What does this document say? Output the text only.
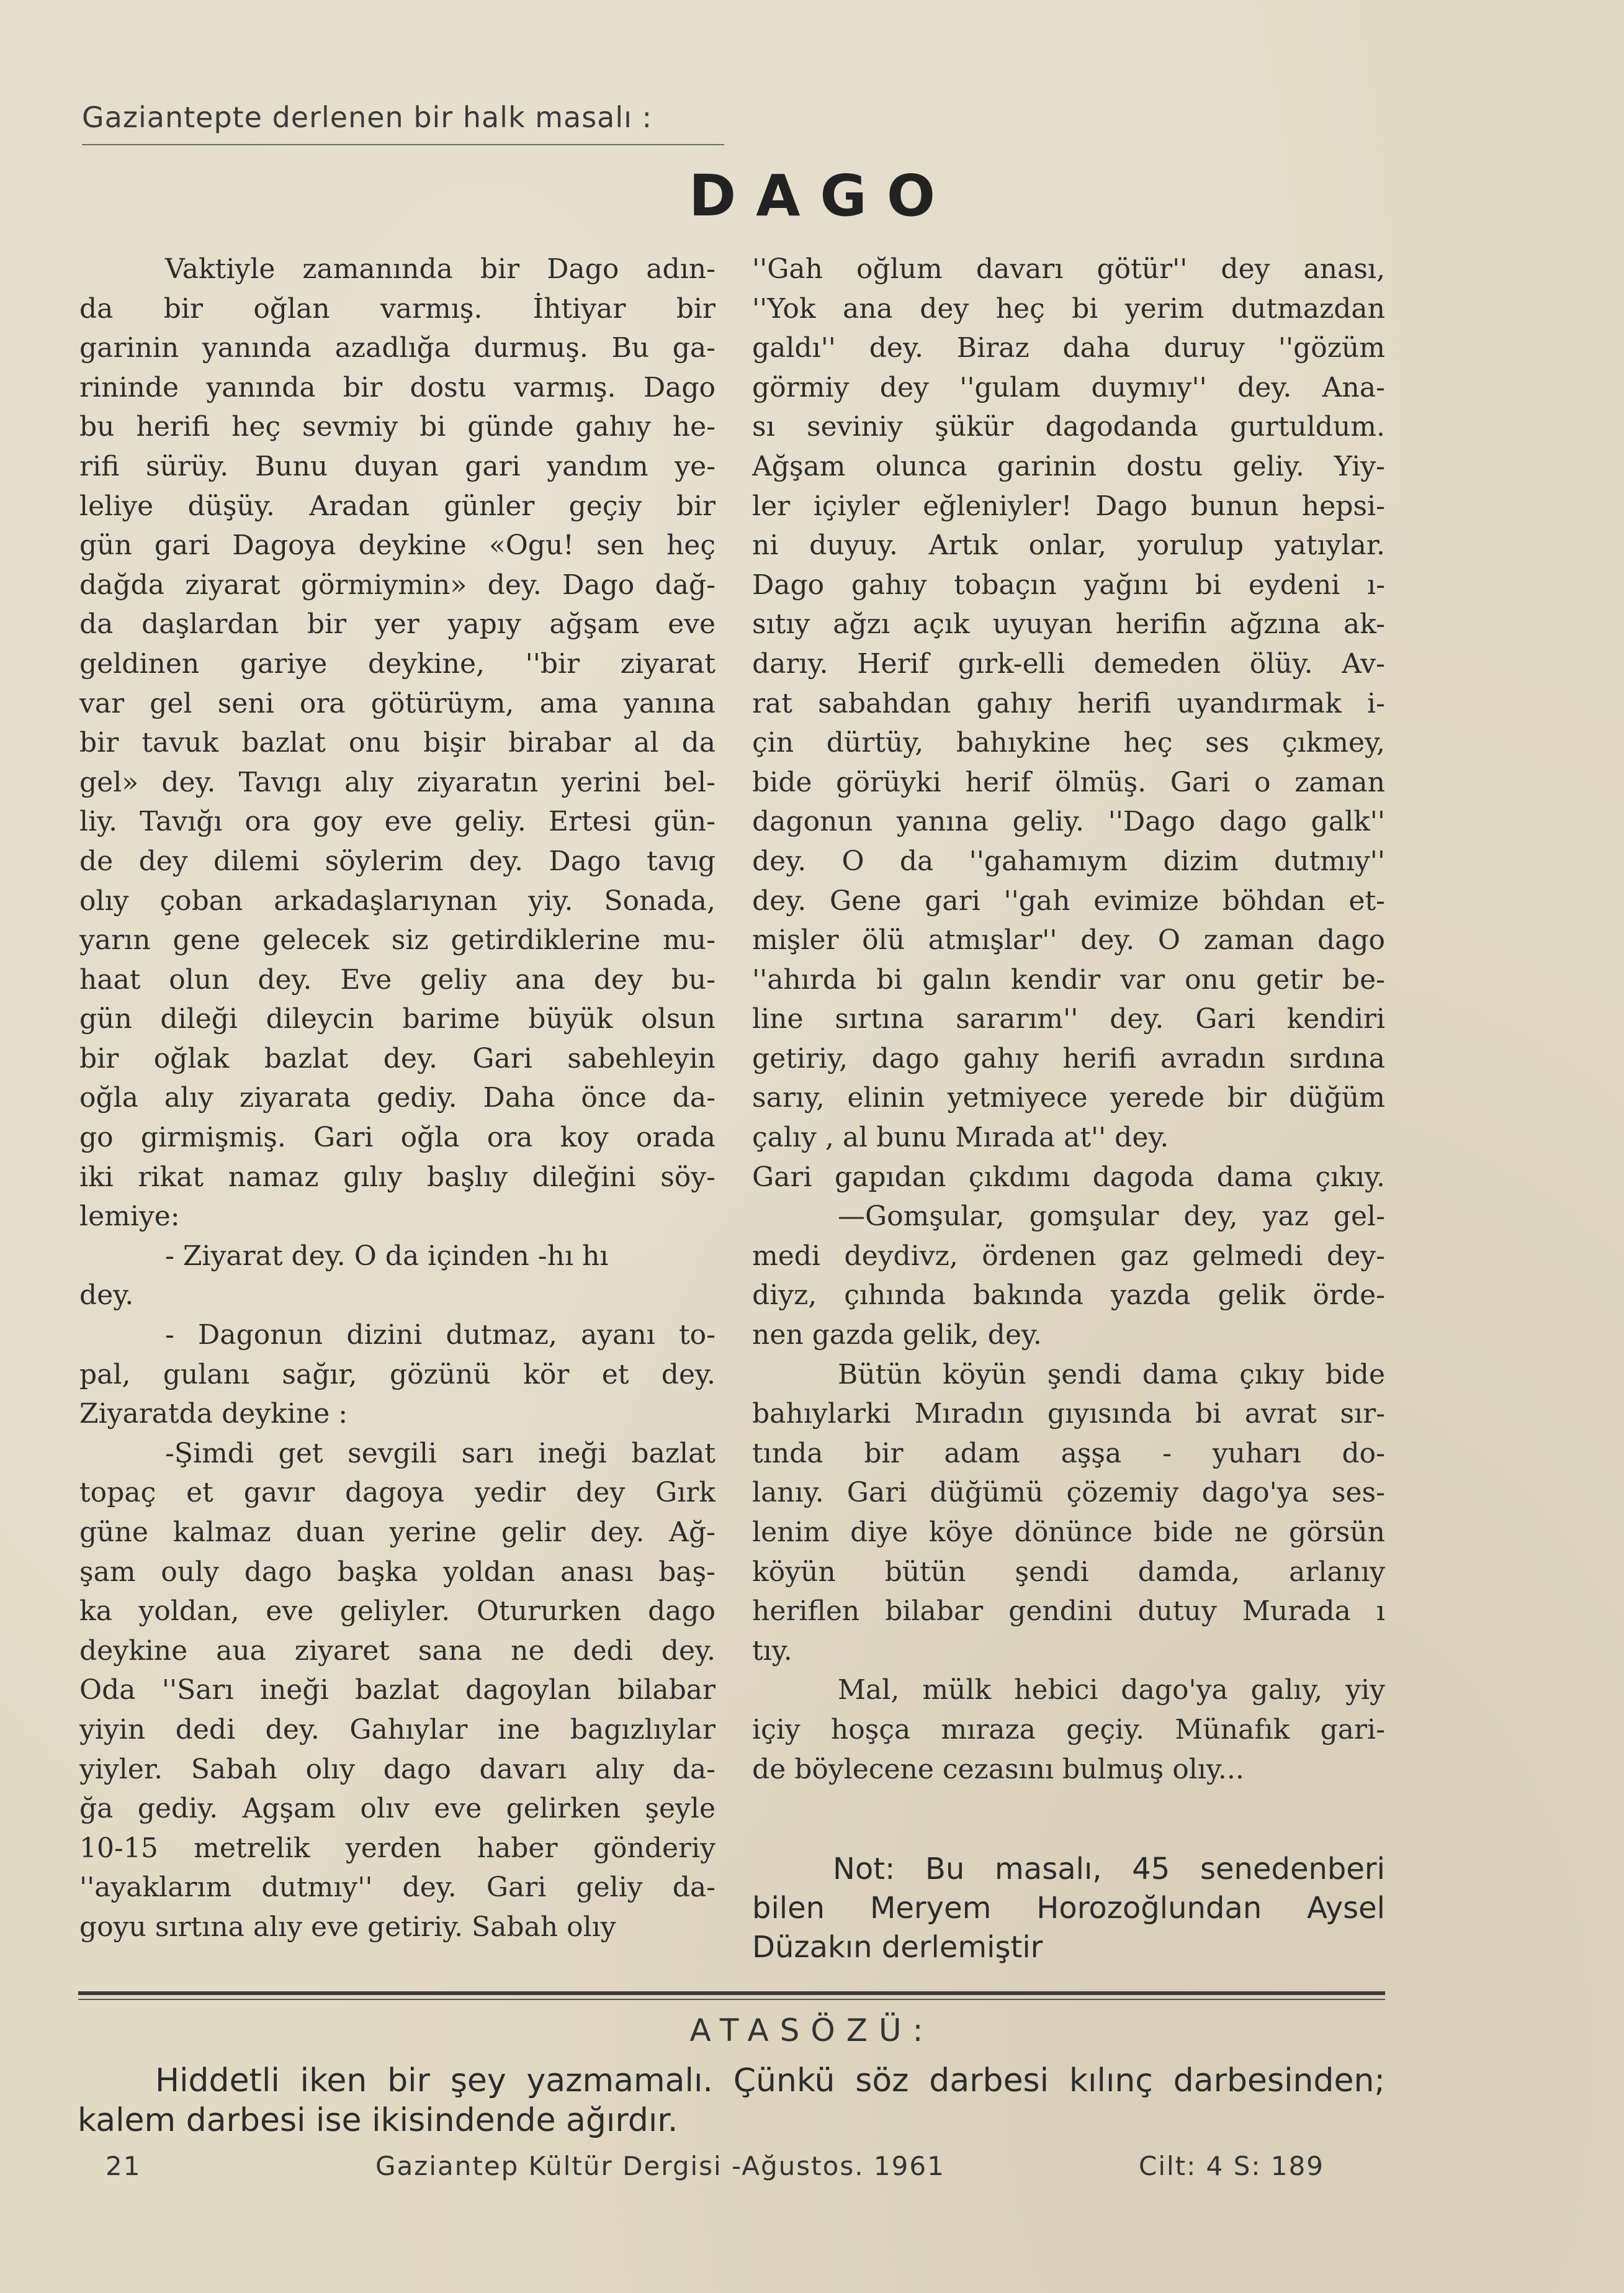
Gaziantepte derlenen bir halk masalı :
DAGO
Vaktiyle zamanında bir Dago adın-
da bir oğlan varmış. İhtiyar bir
garinin yanında azadlığa durmuş. Bu ga-
rininde yanında bir dostu varmış. Dago
bu herifi heç sevmiy bi günde gahıy he-
rifi sürüy. Bunu duyan gari yandım ye-
leliye düşüy. Aradan günler geçiy bir
gün gari Dagoya deykine «Ogu! sen heç
dağda ziyarat görmiymin» dey. Dago dağ-
da daşlardan bir yer yapıy ağşam eve
geldinen gariye deykine, ''bir ziyarat
var gel seni ora götürüym, ama yanına
bir tavuk bazlat onu bişir birabar al da
gel» dey. Tavıgı alıy ziyaratın yerini bel-
liy. Tavığı ora goy eve geliy. Ertesi gün-
de dey dilemi söylerim dey. Dago tavıg
olıy çoban arkadaşlarıynan yiy. Sonada,
yarın gene gelecek siz getirdiklerine mu-
haat olun dey. Eve geliy ana dey bu-
gün dileği dileycin barime büyük olsun
bir oğlak bazlat dey. Gari sabehleyin
oğla alıy ziyarata gediy. Daha önce da-
go girmişmiş. Gari oğla ora koy orada
iki rikat namaz gılıy başlıy dileğini söy-
lemiye:
- Ziyarat dey. O da içinden -hı hı
dey.
- Dagonun dizini dutmaz, ayanı to-
pal, gulanı sağır, gözünü kör et dey.
Ziyaratda deykine :
-Şimdi get sevgili sarı ineği bazlat
topaç et gavır dagoya yedir dey Gırk
güne kalmaz duan yerine gelir dey. Ağ-
şam ouly dago başka yoldan anası baş-
ka yoldan, eve geliyler. Otururken dago
deykine aua ziyaret sana ne dedi dey.
Oda ''Sarı ineği bazlat dagoylan bilabar
yiyin dedi dey. Gahıylar ine bagızlıylar
yiyler. Sabah olıy dago davarı alıy da-
ğa gediy. Agşam olıv eve gelirken şeyle
10-15 metrelik yerden haber gönderiy
''ayaklarım dutmıy'' dey. Gari geliy da-
goyu sırtına alıy eve getiriy. Sabah olıy
''Gah oğlum davarı götür'' dey anası,
''Yok ana dey heç bi yerim dutmazdan
galdı'' dey. Biraz daha duruy ''gözüm
görmiy dey ''gulam duymıy'' dey. Ana-
sı seviniy şükür dagodanda gurtuldum.
Ağşam olunca garinin dostu geliy. Yiy-
ler içiyler eğleniyler! Dago bunun hepsi-
ni duyuy. Artık onlar, yorulup yatıylar.
Dago gahıy tobaçın yağını bi eydeni ı-
sıtıy ağzı açık uyuyan herifin ağzına ak-
darıy. Herif gırk-elli demeden ölüy. Av-
rat sabahdan gahıy herifi uyandırmak i-
çin dürtüy, bahıykine heç ses çıkmey,
bide görüyki herif ölmüş. Gari o zaman
dagonun yanına geliy. ''Dago dago galk''
dey. O da ''gahamıym dizim dutmıy''
dey. Gene gari ''gah evimize böhdan et-
mişler ölü atmışlar'' dey. O zaman dago
''ahırda bi galın kendir var onu getir be-
line sırtına sararım'' dey. Gari kendiri
getiriy, dago gahıy herifi avradın sırdına
sarıy, elinin yetmiyece yerede bir düğüm
çalıy , al bunu Mırada at'' dey.
Gari gapıdan çıkdımı dagoda dama çıkıy.
—Gomşular, gomşular dey, yaz gel-
medi deydivz, ördenen gaz gelmedi dey-
diyz, çıhında bakında yazda gelik örde-
nen gazda gelik, dey.
Bütün köyün şendi dama çıkıy bide
bahıylarki Mıradın gıyısında bi avrat sır-
tında bir adam aşşa - yuharı do-
lanıy. Gari düğümü çözemiy dago'ya ses-
lenim diye köye dönünce bide ne görsün
köyün bütün şendi damda, arlanıy
heriflen bilabar gendini dutuy Murada ı
tıy.
Mal, mülk hebici dago'ya galıy, yiy
içiy hoşça mıraza geçiy. Münafık gari-
de böylecene cezasını bulmuş olıy...
Not: Bu masalı, 45 senedenberi
bilen Meryem Horozoğlundan Aysel
Düzakın derlemiştir
ATASÖZÜ:
Hiddetli iken bir şey yazmamalı. Çünkü söz darbesi kılınç darbesinden;
kalem darbesi ise ikisindende ağırdır.
21	Gaziantep Kültür Dergisi -Ağustos. 1961	Cilt: 4 S: 189
